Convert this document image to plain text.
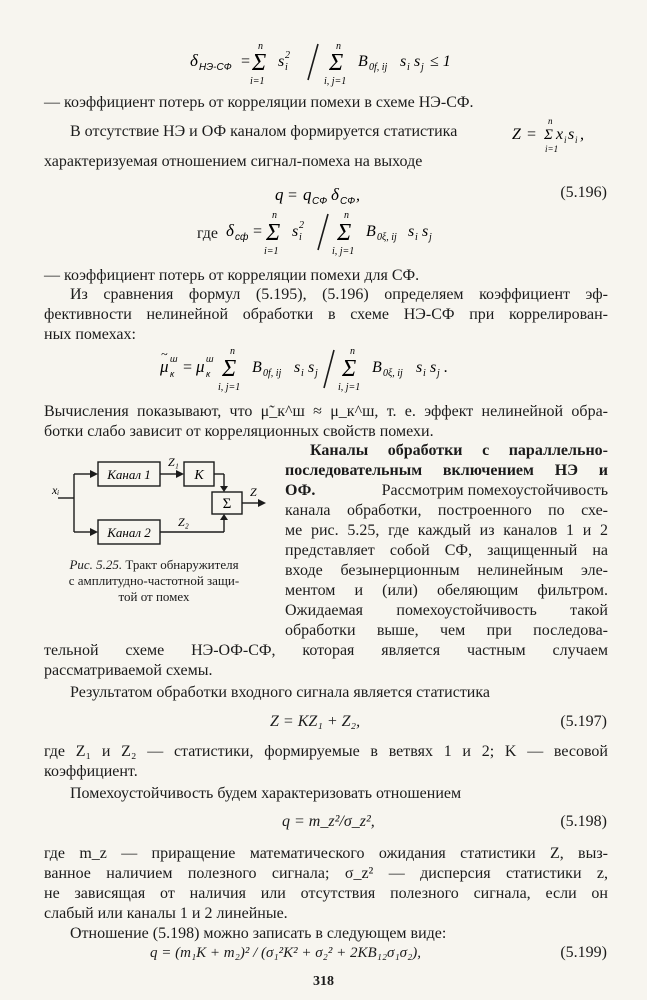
δ НЭ-СФ =
n
Σ
i=1
s 2
i
n
Σ
i, j=1
B 0f, ij s i s j ≤ 1
— коэффициент потерь от корреляции помехи в схеме НЭ-СФ.
В отсутствие НЭ и ОФ каналом формируется статистика	Z =
n
Σ x i s i ,
i=1
характеризуемая отношением сигнал-помеха на выходе
q = q СФ δ СФ ,	(5.196)
где δ сф =
n
Σ
i=1
s 2
i
n
Σ
i, j=1
B 0ξ, ij s i s j
— коэффициент потерь от корреляции помехи для СФ.
Из сравнения формул (5.195), (5.196) определяем коэффициент эф-
фективности нелинейной обработки в схеме НЭ-СФ при коррелирован-
ных помехах:
μ
~ ш
к = μ ш
к
n
Σ
i, j=1
B 0f, ij s i s j
n
Σ
i, j=1
B 0ξ, ij s i s j .
Вычисления показывают, что μ̃_к^ш ≈ μ_к^ш, т. е. эффект нелинейной обра-
ботки слабо зависит от корреляционных свойств помехи.
Каналы обработки с параллельно-
последовательным включением НЭ и
ОФ.	Рассмотрим помехоустойчивость
канала обработки, построенного по схе-
ме рис. 5.25, где каждый из каналов 1 и 2
представляет собой СФ, защищенный на
входе безынерционным нелинейным эле-
ментом и (или) обеляющим фильтром.
Ожидаемая помехоустойчивость такой
обработки выше, чем при последова-
Канал 1
Канал 2
Z₁
K
Z₂
Σ
Z
xᵢ
Рис. 5.25. Тракт обнаружителя
с амплитудно-частотной защи-
той от помех
тельной схеме НЭ-ОФ-СФ, которая является частным случаем
рассматриваемой схемы.
Результатом обработки входного сигнала является статистика
Z = KZ₁ + Z₂,	(5.197)
где Z₁ и Z₂ — статистики, формируемые в ветвях 1 и 2; K — весовой
коэффициент.
Помехоустойчивость будем характеризовать отношением
q = m_z²/σ_z²,	(5.198)
где m_z — приращение математического ожидания статистики Z, выз-
ванное наличием полезного сигнала; σ_z² — дисперсия статистики z,
не зависящая от наличия или отсутствия полезного сигнала, если он
слабый или каналы 1 и 2 линейные.
Отношение (5.198) можно записать в следующем виде:
q = (m₁K + m₂)² / (σ₁²K² + σ₂² + 2KB₁₂σ₁σ₂),	(5.199)
318
